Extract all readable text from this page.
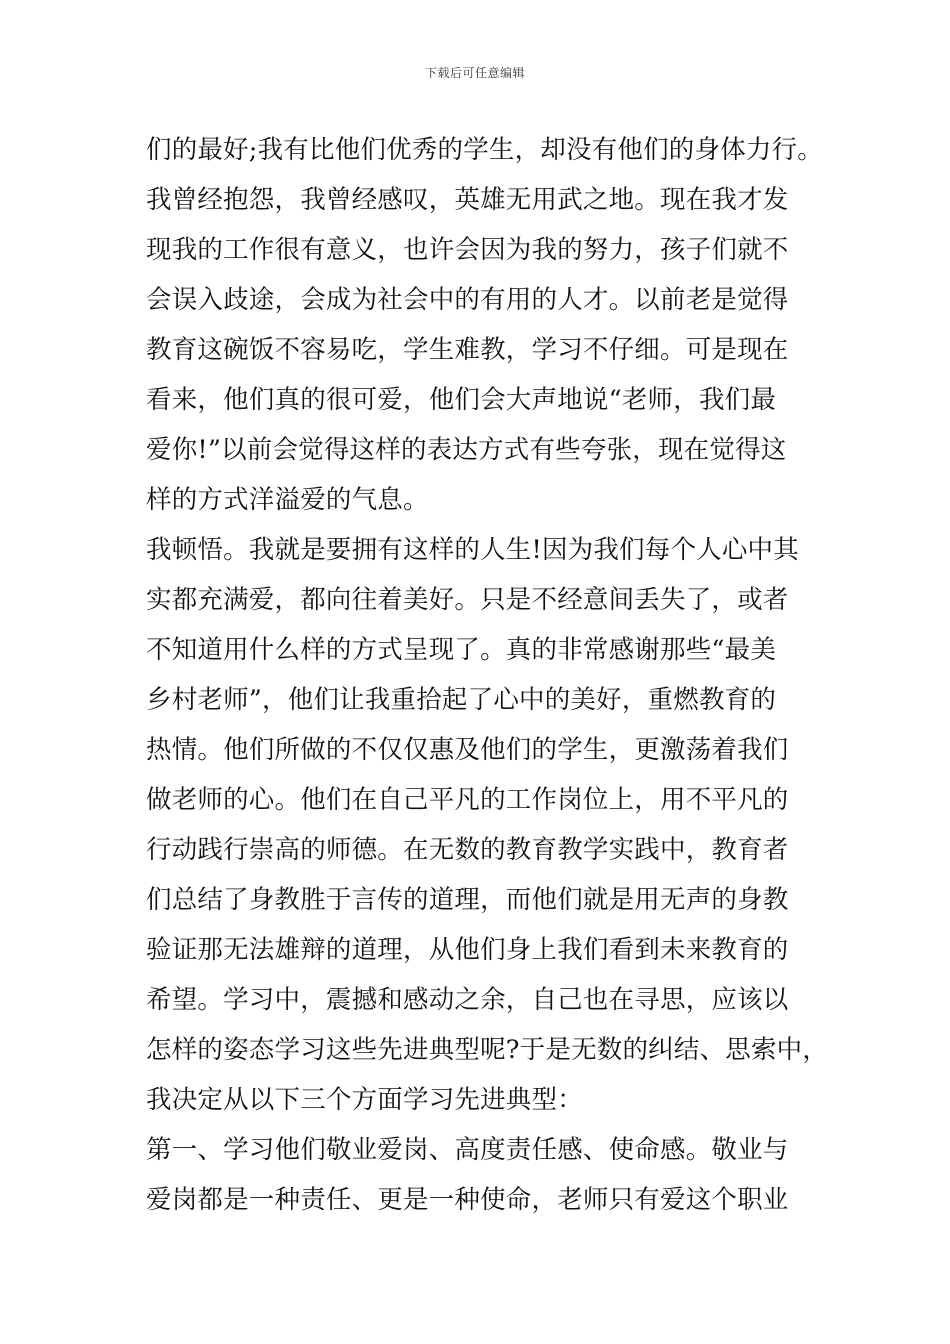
下载后可任意编辑
们的最好;我有比他们优秀的学生，却没有他们的身体力行。
我曾经抱怨，我曾经感叹，英雄无用武之地。现在我才发
现我的工作很有意义，也许会因为我的努力，孩子们就不
会误入歧途，会成为社会中的有用的人才。以前老是觉得
教育这碗饭不容易吃，学生难教，学习不仔细。可是现在
看来，他们真的很可爱，他们会大声地说“老师，我们最
爱你!”以前会觉得这样的表达方式有些夸张，现在觉得这
样的方式洋溢爱的气息。
我顿悟。我就是要拥有这样的人生!因为我们每个人心中其
实都充满爱，都向往着美好。只是不经意间丢失了，或者
不知道用什么样的方式呈现了。真的非常感谢那些“最美
乡村老师”，他们让我重拾起了心中的美好，重燃教育的
热情。他们所做的不仅仅惠及他们的学生，更激荡着我们
做老师的心。他们在自己平凡的工作岗位上，用不平凡的
行动践行崇高的师德。在无数的教育教学实践中，教育者
们总结了身教胜于言传的道理，而他们就是用无声的身教
验证那无法雄辩的道理，从他们身上我们看到未来教育的
希望。学习中，震撼和感动之余，自己也在寻思，应该以
怎样的姿态学习这些先进典型呢?于是无数的纠结、思索中，
我决定从以下三个方面学习先进典型：
第一、学习他们敬业爱岗、高度责任感、使命感。敬业与
爱岗都是一种责任、更是一种使命，老师只有爱这个职业
